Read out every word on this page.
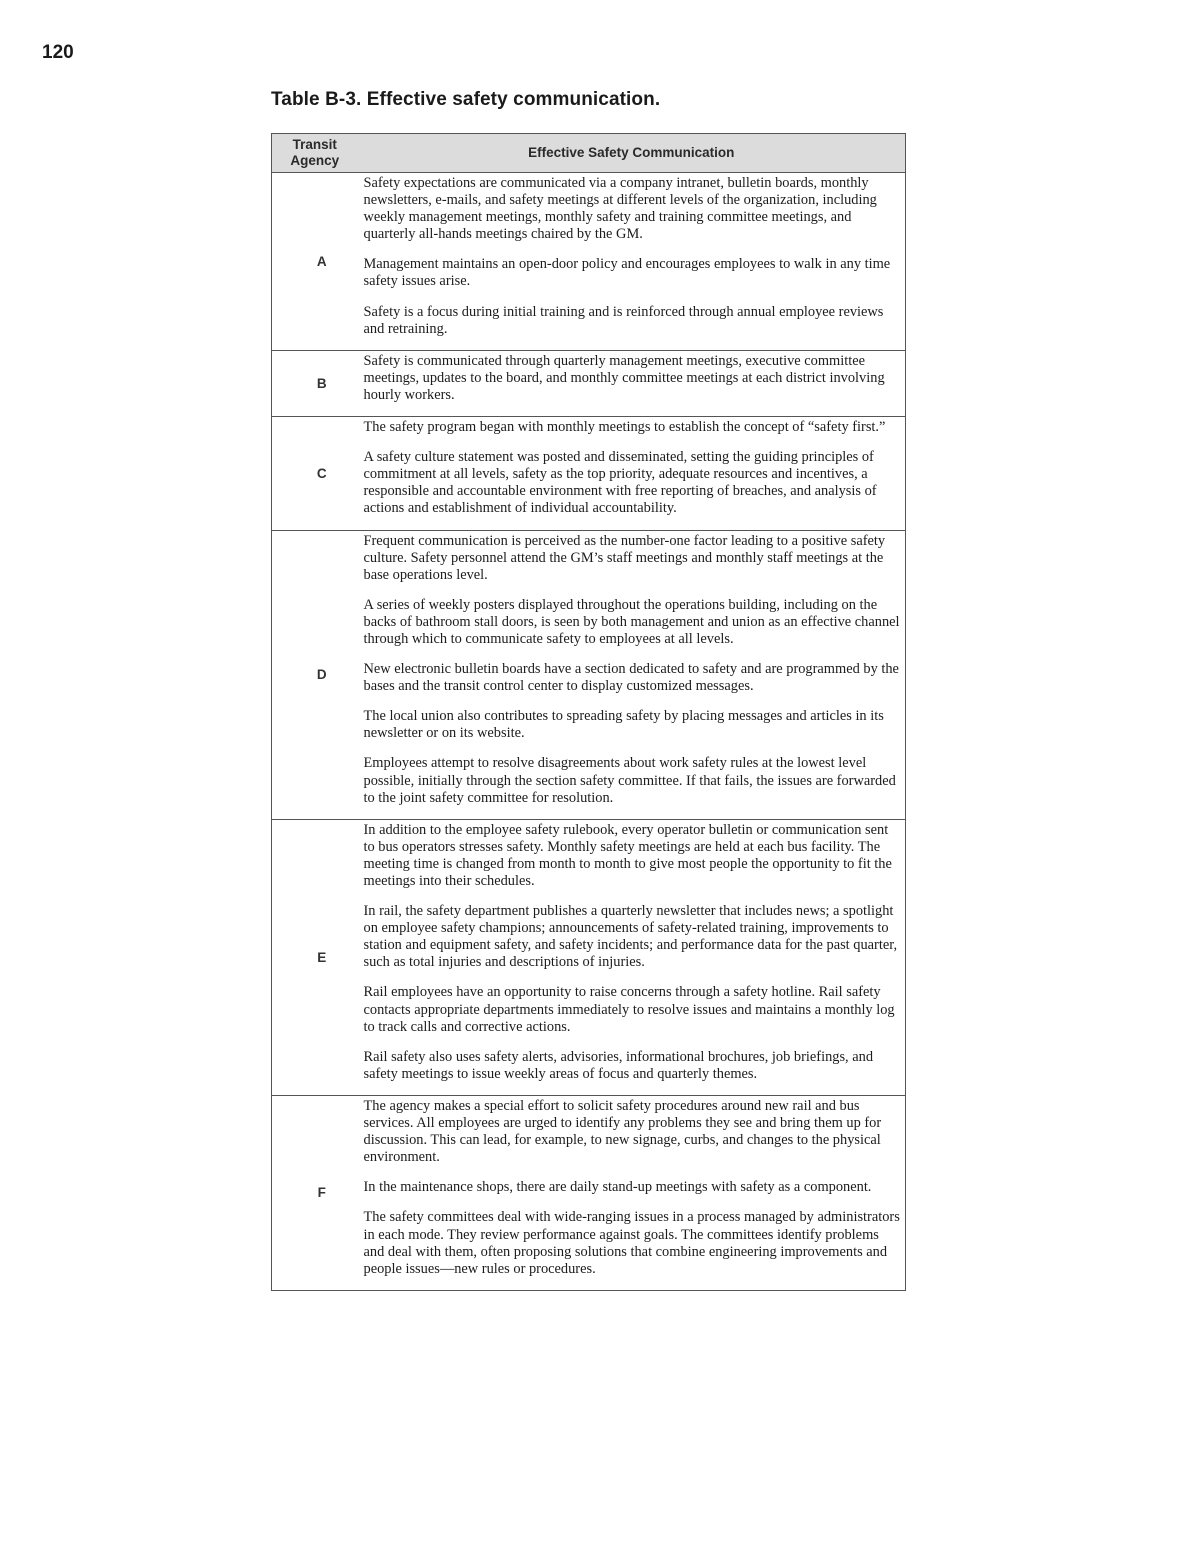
120
Table B-3. Effective safety communication.
Transit Agency	Effective Safety Communication
A	Safety expectations are communicated via a company intranet, bulletin boards, monthly newsletters, e-mails, and safety meetings at different levels of the organization, including weekly management meetings, monthly safety and training committee meetings, and quarterly all-hands meetings chaired by the GM.

Management maintains an open-door policy and encourages employees to walk in any time safety issues arise.

Safety is a focus during initial training and is reinforced through annual employee reviews and retraining.

B	Safety is communicated through quarterly management meetings, executive committee meetings, updates to the board, and monthly committee meetings at each district involving hourly workers.

C	The safety program began with monthly meetings to establish the concept of “safety first.”

A safety culture statement was posted and disseminated, setting the guiding principles of commitment at all levels, safety as the top priority, adequate resources and incentives, a responsible and accountable environment with free reporting of breaches, and analysis of actions and establishment of individual accountability.

D	Frequent communication is perceived as the number-one factor leading to a positive safety culture. Safety personnel attend the GM’s staff meetings and monthly staff meetings at the base operations level.

A series of weekly posters displayed throughout the operations building, including on the backs of bathroom stall doors, is seen by both management and union as an effective channel through which to communicate safety to employees at all levels.

New electronic bulletin boards have a section dedicated to safety and are programmed by the bases and the transit control center to display customized messages.

The local union also contributes to spreading safety by placing messages and articles in its newsletter or on its website.

Employees attempt to resolve disagreements about work safety rules at the lowest level possible, initially through the section safety committee. If that fails, the issues are forwarded to the joint safety committee for resolution.

E	In addition to the employee safety rulebook, every operator bulletin or communication sent to bus operators stresses safety. Monthly safety meetings are held at each bus facility. The meeting time is changed from month to month to give most people the opportunity to fit the meetings into their schedules.

In rail, the safety department publishes a quarterly newsletter that includes news; a spotlight on employee safety champions; announcements of safety-related training, improvements to station and equipment safety, and safety incidents; and performance data for the past quarter, such as total injuries and descriptions of injuries.

Rail employees have an opportunity to raise concerns through a safety hotline. Rail safety contacts appropriate departments immediately to resolve issues and maintains a monthly log to track calls and corrective actions.

Rail safety also uses safety alerts, advisories, informational brochures, job briefings, and safety meetings to issue weekly areas of focus and quarterly themes.

F	The agency makes a special effort to solicit safety procedures around new rail and bus services. All employees are urged to identify any problems they see and bring them up for discussion. This can lead, for example, to new signage, curbs, and changes to the physical environment.

In the maintenance shops, there are daily stand-up meetings with safety as a component.

The safety committees deal with wide-ranging issues in a process managed by administrators in each mode. They review performance against goals. The committees identify problems and deal with them, often proposing solutions that combine engineering improvements and people issues—new rules or procedures.
